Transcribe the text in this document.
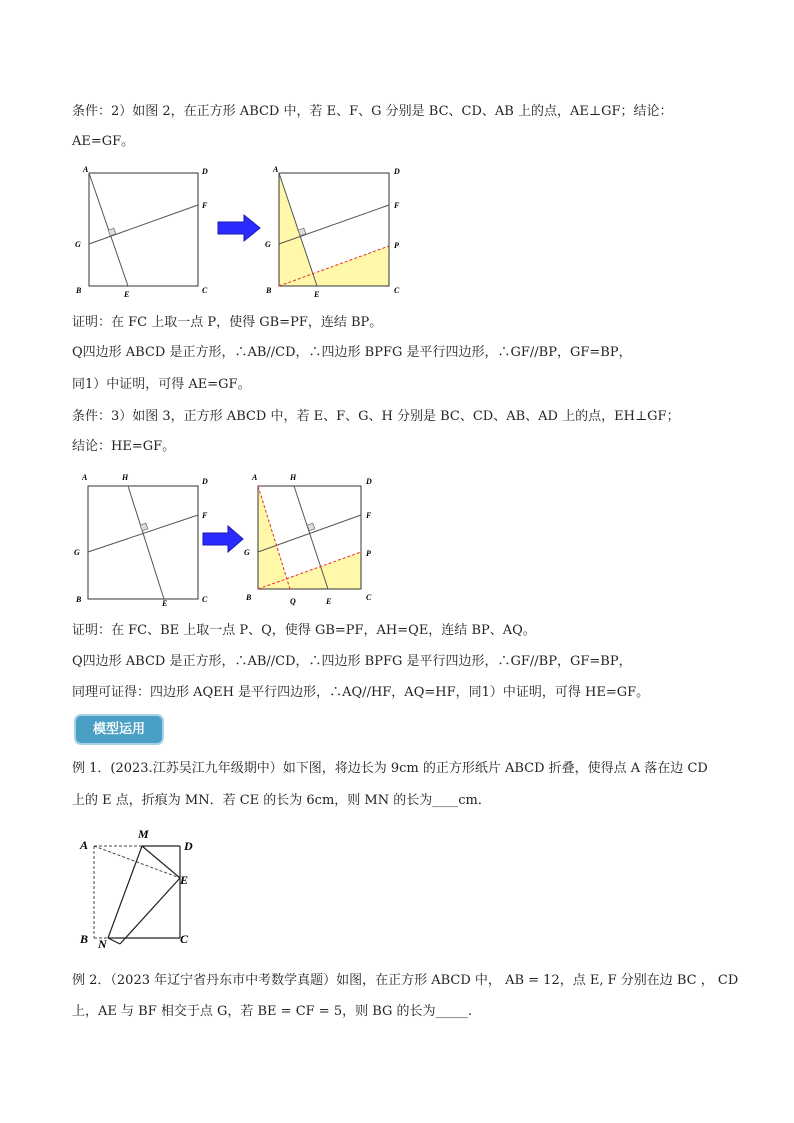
条件：2）如图 2，在正方形 ABCD 中，若 E、F、G 分别是 BC、CD、AB 上的点，AE⊥GF；结论：
AE=GF。
A	D
F
G
B	E	C
A	D
F
G	P
B	E	C
证明：在 FC 上取一点 P，使得 GB=PF，连结 BP。
Q四边形 ABCD 是正方形，∴AB//CD，∴四边形 BPFG 是平行四边形，∴GF//BP，GF=BP，
同1）中证明，可得 AE=GF。
条件：3）如图 3，正方形 ABCD 中，若 E、F、G、H 分别是 BC、CD、AB、AD 上的点，EH⊥GF；
结论：HE=GF。
A	H	D
F
G
B	E	C
A	H	D
F
G	P
B	Q	E	C
证明：在 FC、BE 上取一点 P、Q，使得 GB=PF，AH=QE，连结 BP、AQ。
Q四边形 ABCD 是正方形，∴AB//CD，∴四边形 BPFG 是平行四边形，∴GF//BP，GF=BP，
同理可证得：四边形 AQEH 是平行四边形，∴AQ//HF，AQ=HF，同1）中证明，可得 HE=GF。
模型运用
例 1．(2023.江苏吴江九年级期中）如下图，将边长为 9cm 的正方形纸片 ABCD 折叠，使得点 A 落在边 CD
上的 E 点，折痕为 MN．若 CE 的长为 6cm，则 MN 的长为____cm．
A
M
D
E
B N	C
例 2．（2023 年辽宁省丹东市中考数学真题）如图，在正方形 ABCD 中， AB = 12，点 E, F 分别在边 BC ， CD
上，AE 与 BF 相交于点 G，若 BE = CF = 5，则 BG 的长为_____.
